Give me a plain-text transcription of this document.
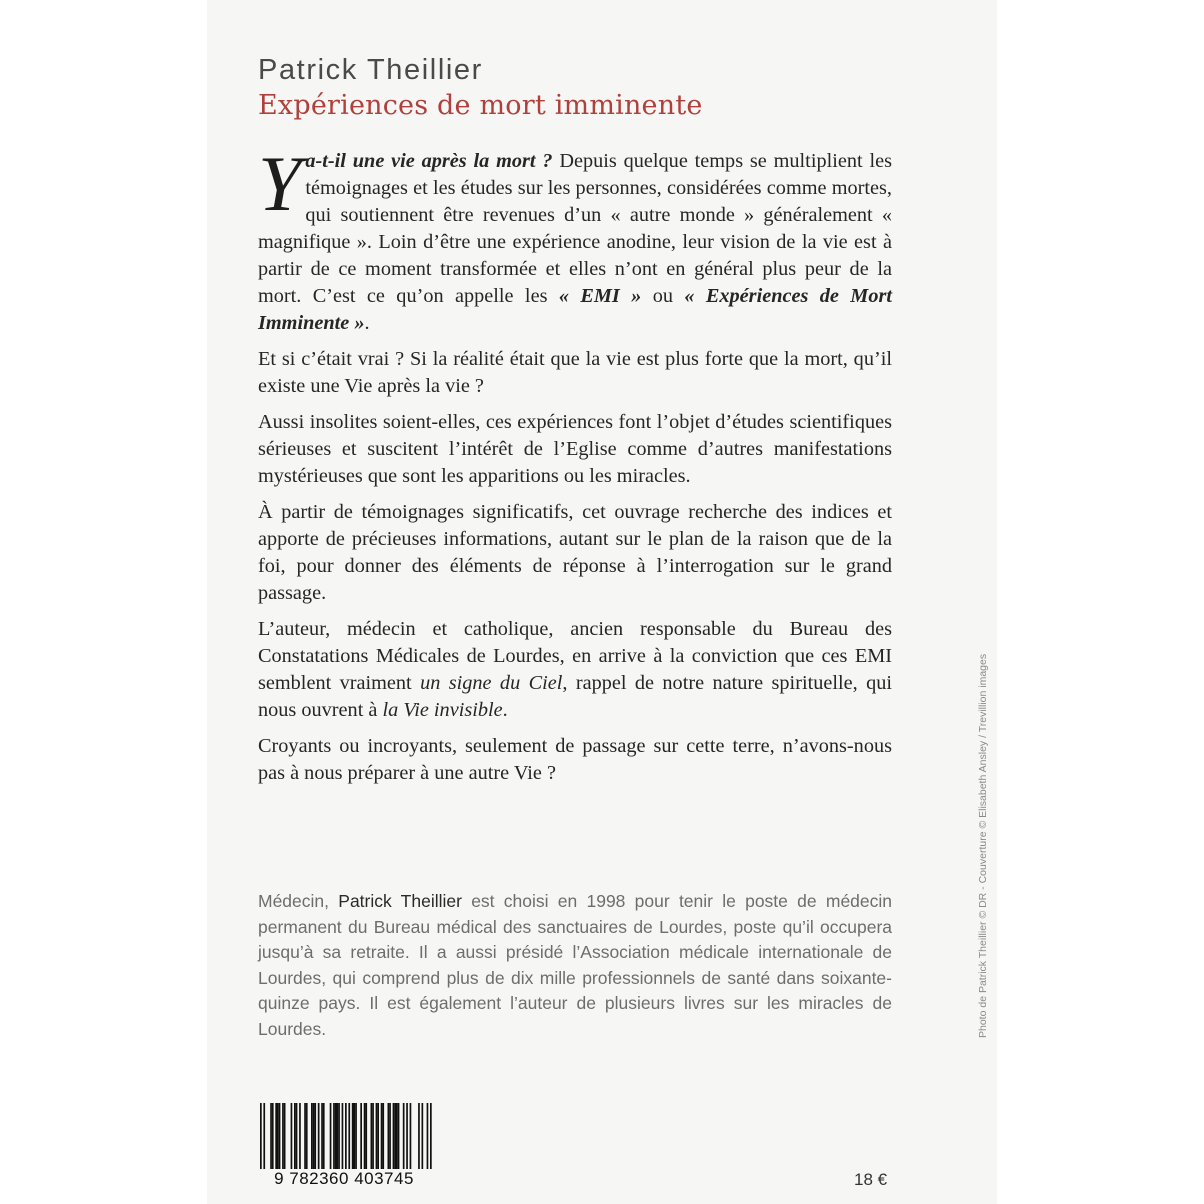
Patrick Theillier
Expériences de mort imminente

Ya-t-il une vie après la mort ? Depuis quelque temps se multiplient les témoignages et les études sur les personnes, considérées comme mortes, qui soutiennent être revenues d’un « autre monde » généralement « magnifique ». Loin d’être une expérience anodine, leur vision de la vie est à partir de ce moment transformée et elles n’ont en général plus peur de la mort. C’est ce qu’on appelle les « EMI » ou « Expériences de Mort Imminente ».

Et si c’était vrai ? Si la réalité était que la vie est plus forte que la mort, qu’il existe une Vie après la vie ?

Aussi insolites soient-elles, ces expériences font l’objet d’études scientifiques sérieuses et suscitent l’intérêt de l’Eglise comme d’autres manifestations mystérieuses que sont les apparitions ou les miracles.

À partir de témoignages significatifs, cet ouvrage recherche des indices et apporte de précieuses informations, autant sur le plan de la raison que de la foi, pour donner des éléments de réponse à l’interrogation sur le grand passage.

L’auteur, médecin et catholique, ancien responsable du Bureau des Constatations Médicales de Lourdes, en arrive à la conviction que ces EMI semblent vraiment un signe du Ciel, rappel de notre nature spirituelle, qui nous ouvrent à la Vie invisible.

Croyants ou incroyants, seulement de passage sur cette terre, n’avons-nous pas à nous préparer à une autre Vie ?

Médecin, Patrick Theillier est choisi en 1998 pour tenir le poste de médecin permanent du Bureau médical des sanctuaires de Lourdes, poste qu’il occupera jusqu’à sa retraite. Il a aussi présidé l’Association médicale internationale de Lourdes, qui comprend plus de dix mille professionnels de santé dans soixante-quinze pays. Il est également l’auteur de plusieurs livres sur les miracles de Lourdes.	Photo de Patrick Theillier © DR - Couverture © Elisabeth Ansley / Trevillion images
9 782360 403745	18 €
